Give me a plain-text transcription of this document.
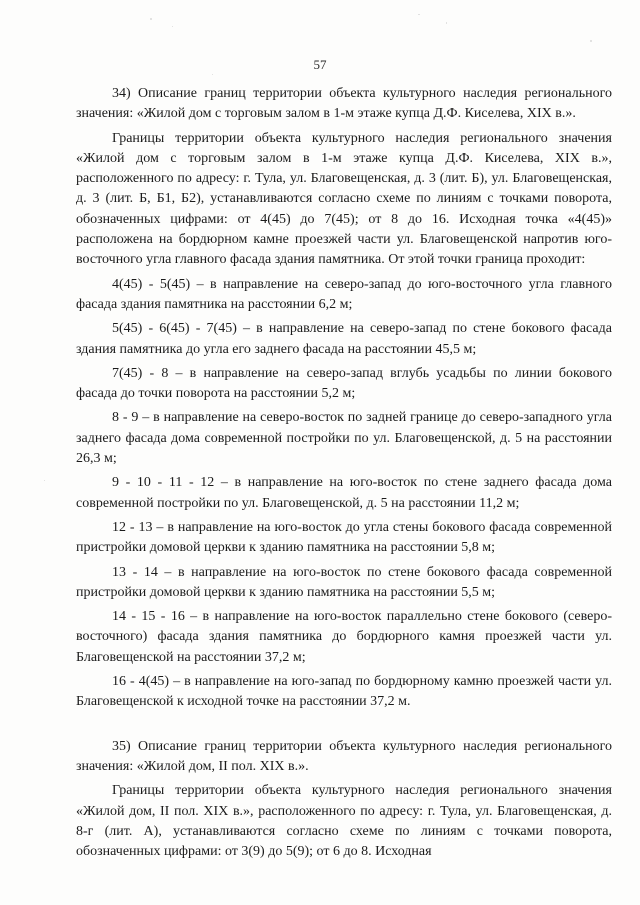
57

34) Описание границ территории объекта культурного наследия регионального значения: «Жилой дом с торговым залом в 1-м этаже купца Д.Ф. Киселева, XIX в.».

Границы территории объекта культурного наследия регионального значения «Жилой дом с торговым залом в 1-м этаже купца Д.Ф. Киселева, XIX в.», расположенного по адресу: г. Тула, ул. Благовещенская, д. 3 (лит. Б), ул. Благовещенская, д. 3 (лит. Б, Б1, Б2), устанавливаются согласно схеме по линиям с точками поворота, обозначенных цифрами: от 4(45) до 7(45); от 8 до 16. Исходная точка «4(45)» расположена на бордюрном камне проезжей части ул. Благовещенской напротив юго-восточного угла главного фасада здания памятника. От этой точки граница проходит:

4(45) - 5(45) – в направление на северо-запад до юго-восточного угла главного фасада здания памятника на расстоянии 6,2 м;

5(45) - 6(45) - 7(45) – в направление на северо-запад по стене бокового фасада здания памятника до угла его заднего фасада на расстоянии 45,5 м;

7(45) - 8 – в направление на северо-запад вглубь усадьбы по линии бокового фасада до точки поворота на расстоянии 5,2 м;

8 - 9 – в направление на северо-восток по задней границе до северо-западного угла заднего фасада дома современной постройки по ул. Благовещенской, д. 5 на расстоянии 26,3 м;

9 - 10 - 11 - 12 – в направление на юго-восток по стене заднего фасада дома современной постройки по ул. Благовещенской, д. 5 на расстоянии 11,2 м;

12 - 13 – в направление на юго-восток до угла стены бокового фасада современной пристройки домовой церкви к зданию памятника на расстоянии 5,8 м;

13 - 14 – в направление на юго-восток по стене бокового фасада современной пристройки домовой церкви к зданию памятника на расстоянии 5,5 м;

14 - 15 - 16 – в направление на юго-восток параллельно стене бокового (северо-восточного) фасада здания памятника до бордюрного камня проезжей части ул. Благовещенской на расстоянии 37,2 м;

16 - 4(45) – в направление на юго-запад по бордюрному камню проезжей части ул. Благовещенской к исходной точке на расстоянии 37,2 м.

35) Описание границ территории объекта культурного наследия регионального значения: «Жилой дом, II пол. XIX в.».

Границы территории объекта культурного наследия регионального значения «Жилой дом, II пол. XIX в.», расположенного по адресу: г. Тула, ул. Благовещенская, д. 8-г (лит. А), устанавливаются согласно схеме по линиям с точками поворота, обозначенных цифрами: от 3(9) до 5(9); от 6 до 8. Исходная
